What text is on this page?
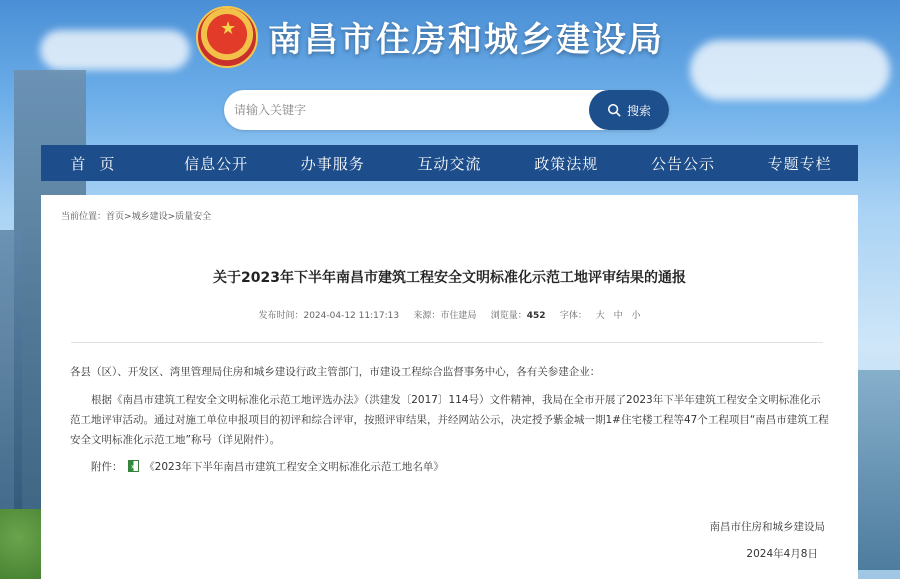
★ 南昌市住房和城乡建设局
请输入关键字
搜索
首页	信息公开	办事服务	互动交流	政策法规	公告公示	专题专栏
当前位置：首页>城乡建设>质量安全
关于2023年下半年南昌市建筑工程安全文明标准化示范工地评审结果的通报
发布时间：2024-04-12 11:17:13 来源：市住建局 浏览量：452 字体： 大 中 小
各县（区）、开发区、湾里管理局住房和城乡建设行政主管部门，市建设工程综合监督事务中心，各有关参建企业：
根据《南昌市建筑工程安全文明标准化示范工地评选办法》（洪建发〔2017〕114号）文件精神，我局在全市开展了2023年下半年建筑工程安全文明标准化示范工地评审活动。通过对施工单位申报项目的初评和综合评审，按照评审结果，并经网站公示，决定授予紫金城一期1#住宅楼工程等47个工程项目“南昌市建筑工程安全文明标准化示范工地”称号（详见附件）。
附件： x 《2023年下半年南昌市建筑工程安全文明标准化示范工地名单》
南昌市住房和城乡建设局
2024年4月8日
